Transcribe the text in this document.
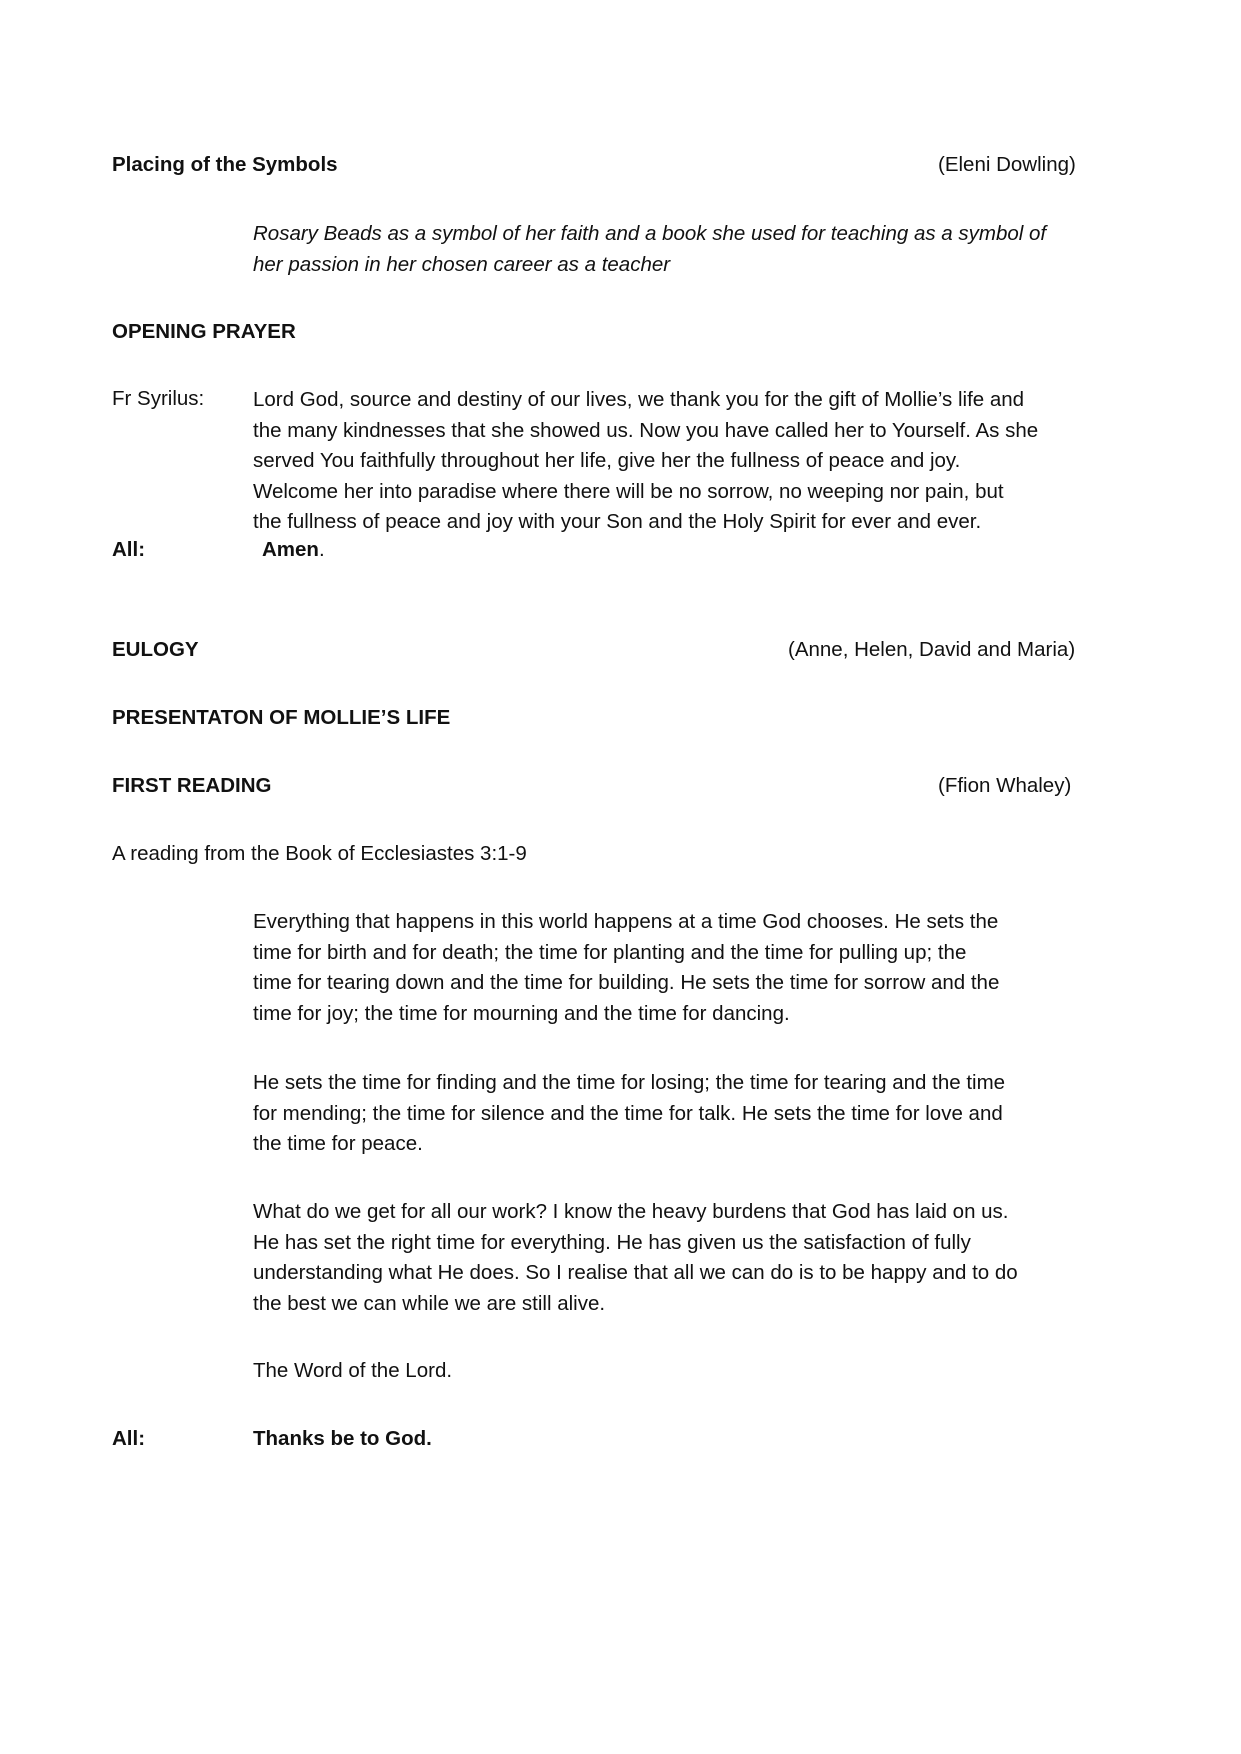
Placing of the Symbols	(Eleni Dowling)
Rosary Beads as a symbol of her faith and a book she used for teaching as a symbol of
her passion in her chosen career as a teacher
OPENING PRAYER
Fr Syrilus: Lord God, source and destiny of our lives, we thank you for the gift of Mollie’s life and
the many kindnesses that she showed us. Now you have called her to Yourself. As she
served You faithfully throughout her life, give her the fullness of peace and joy.
Welcome her into paradise where there will be no sorrow, no weeping nor pain, but
the fullness of peace and joy with your Son and the Holy Spirit for ever and ever.
All:	Amen.
EULOGY	(Anne, Helen, David and Maria)
PRESENTATON OF MOLLIE’S LIFE
FIRST READING	(Ffion Whaley)
A reading from the Book of Ecclesiastes 3:1-9
Everything that happens in this world happens at a time God chooses. He sets the
time for birth and for death; the time for planting and the time for pulling up; the
time for tearing down and the time for building. He sets the time for sorrow and the
time for joy; the time for mourning and the time for dancing.
He sets the time for finding and the time for losing; the time for tearing and the time
for mending; the time for silence and the time for talk. He sets the time for love and
the time for peace.
What do we get for all our work? I know the heavy burdens that God has laid on us.
He has set the right time for everything. He has given us the satisfaction of fully
understanding what He does. So I realise that all we can do is to be happy and to do
the best we can while we are still alive.
The Word of the Lord.
All:	Thanks be to God.
